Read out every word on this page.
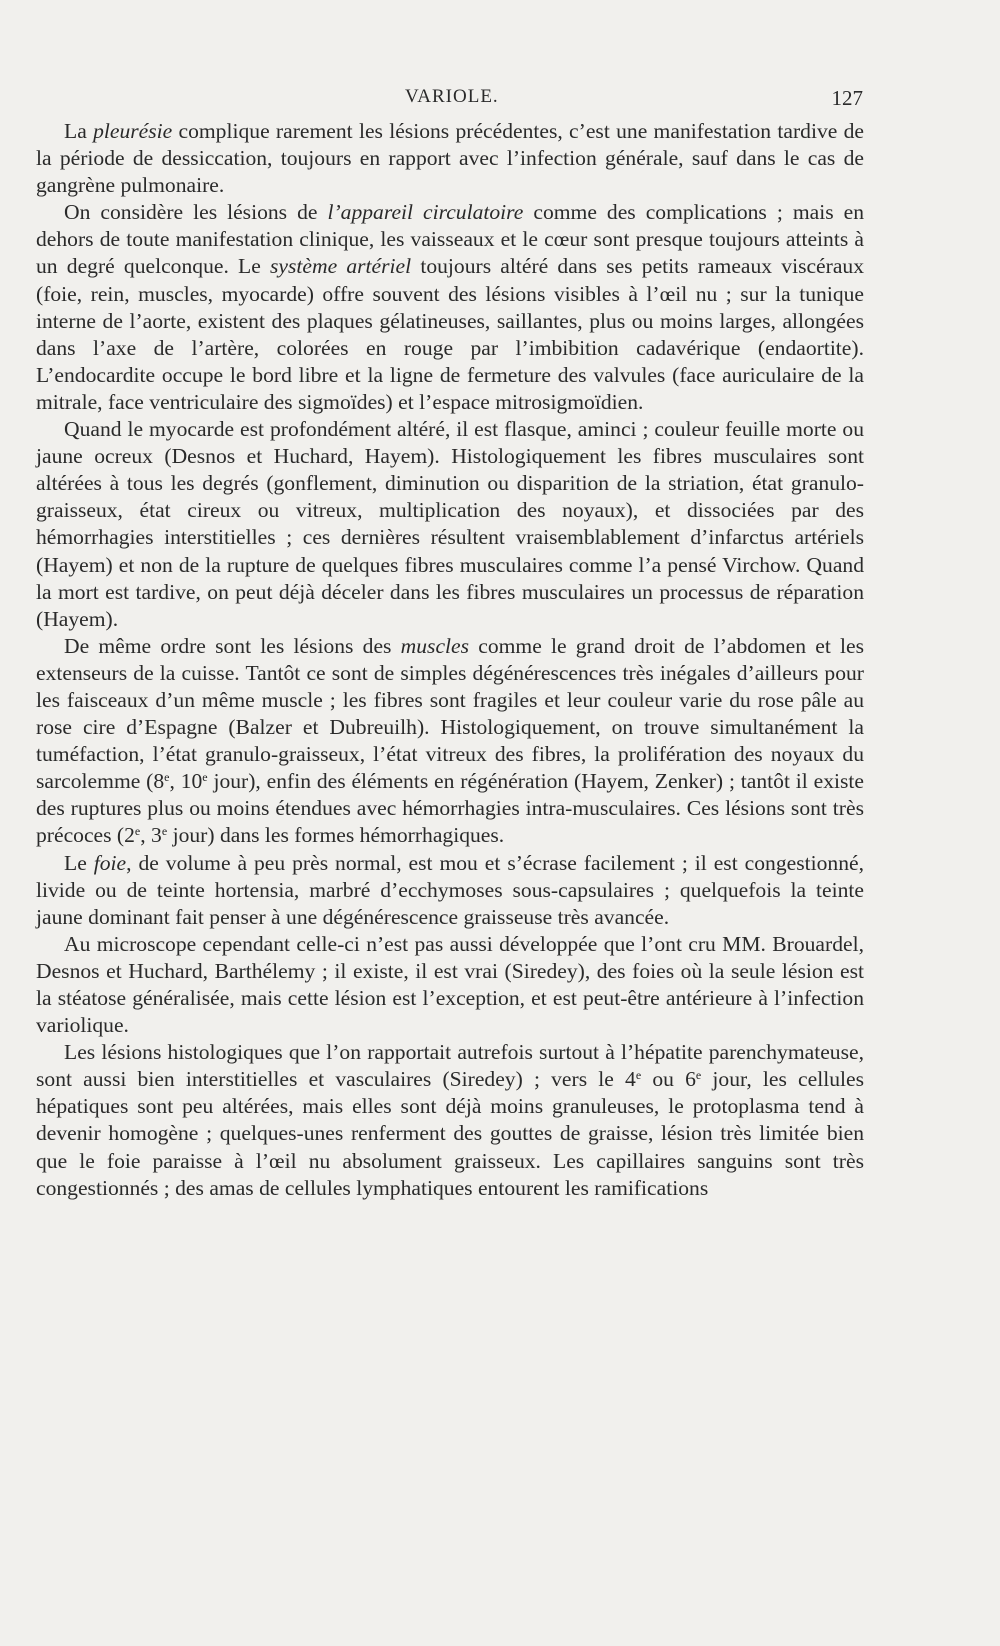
VARIOLE.	127

La pleurésie complique rarement les lésions précédentes, c’est une manifestation tardive de la période de dessiccation, toujours en rapport avec l’infection générale, sauf dans le cas de gangrène pulmonaire.

On considère les lésions de l’appareil circulatoire comme des complications ; mais en dehors de toute manifestation clinique, les vaisseaux et le cœur sont presque toujours atteints à un degré quelconque. Le système artériel toujours altéré dans ses petits rameaux viscéraux (foie, rein, muscles, myocarde) offre souvent des lésions visibles à l’œil nu ; sur la tunique interne de l’aorte, existent des plaques gélatineuses, saillantes, plus ou moins larges, allongées dans l’axe de l’artère, colorées en rouge par l’imbibition cadavérique (endaortite). L’endocardite occupe le bord libre et la ligne de fermeture des valvules (face auriculaire de la mitrale, face ventriculaire des sigmoïdes) et l’espace mitrosigmoïdien.

Quand le myocarde est profondément altéré, il est flasque, aminci ; couleur feuille morte ou jaune ocreux (Desnos et Huchard, Hayem). Histologiquement les fibres musculaires sont altérées à tous les degrés (gonflement, diminution ou disparition de la striation, état granulo-graisseux, état cireux ou vitreux, multiplication des noyaux), et dissociées par des hémorrhagies interstitielles ; ces dernières résultent vraisemblablement d’infarctus artériels (Hayem) et non de la rupture de quelques fibres musculaires comme l’a pensé Virchow. Quand la mort est tardive, on peut déjà déceler dans les fibres musculaires un processus de réparation (Hayem).

De même ordre sont les lésions des muscles comme le grand droit de l’abdomen et les extenseurs de la cuisse. Tantôt ce sont de simples dégénérescences très inégales d’ailleurs pour les faisceaux d’un même muscle ; les fibres sont fragiles et leur couleur varie du rose pâle au rose cire d’Espagne (Balzer et Dubreuilh). Histologiquement, on trouve simultanément la tuméfaction, l’état granulo-graisseux, l’état vitreux des fibres, la prolifération des noyaux du sarcolemme (8e, 10e jour), enfin des éléments en régénération (Hayem, Zenker) ; tantôt il existe des ruptures plus ou moins étendues avec hémorrhagies intra-musculaires. Ces lésions sont très précoces (2e, 3e jour) dans les formes hémorrhagiques.

Le foie, de volume à peu près normal, est mou et s’écrase facilement ; il est congestionné, livide ou de teinte hortensia, marbré d’ecchymoses sous-capsulaires ; quelquefois la teinte jaune dominant fait penser à une dégénérescence graisseuse très avancée.

Au microscope cependant celle-ci n’est pas aussi développée que l’ont cru MM. Brouardel, Desnos et Huchard, Barthélemy ; il existe, il est vrai (Siredey), des foies où la seule lésion est la stéatose généralisée, mais cette lésion est l’exception, et est peut-être antérieure à l’infection variolique.

Les lésions histologiques que l’on rapportait autrefois surtout à l’hépatite parenchymateuse, sont aussi bien interstitielles et vasculaires (Siredey) ; vers le 4e ou 6e jour, les cellules hépatiques sont peu altérées, mais elles sont déjà moins granuleuses, le protoplasma tend à devenir homogène ; quelques-unes renferment des gouttes de graisse, lésion très limitée bien que le foie paraisse à l’œil nu absolument graisseux. Les capillaires sanguins sont très congestionnés ; des amas de cellules lymphatiques entourent les ramifications
